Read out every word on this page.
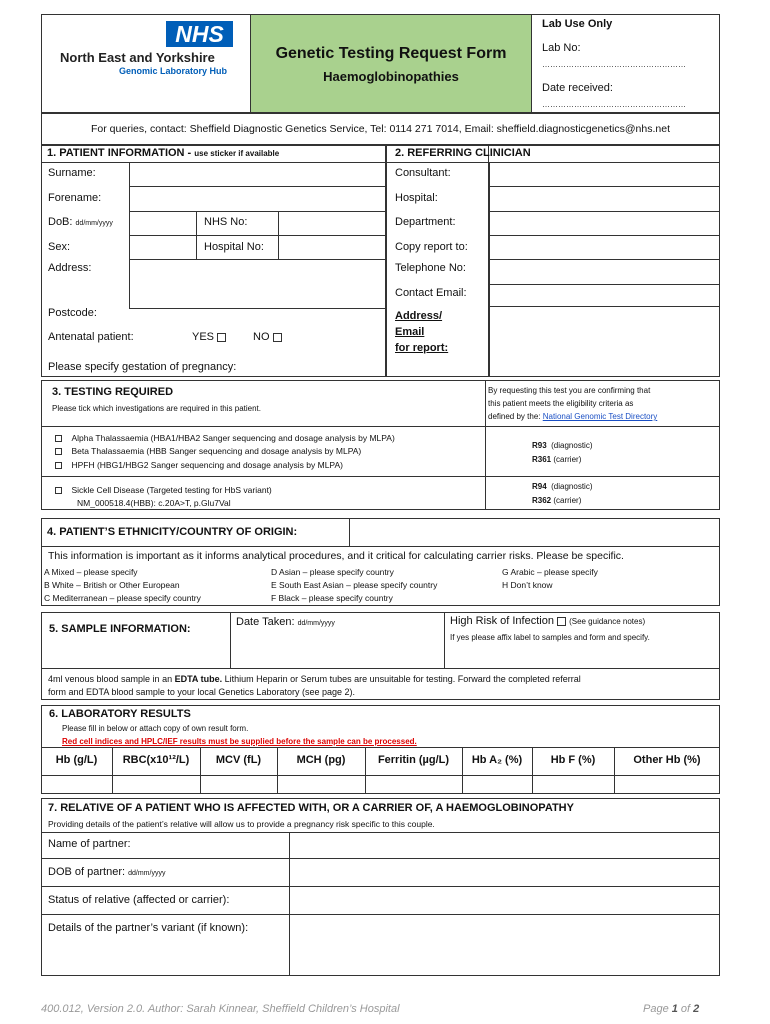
NHS
North East and Yorkshire
Genomic Laboratory Hub
Genetic Testing Request Form
Haemoglobinopathies
Lab Use Only
Lab No:
………………………………………………
Date received:
………………………………………………
For queries, contact: Sheffield Diagnostic Genetics Service, Tel: 0114 271 7014, Email: sheffield.diagnosticgenetics@nhs.net
1. PATIENT INFORMATION - use sticker if available
Surname:
Forename:
DoB: dd/mm/yyyy	NHS No:
Sex:	Hospital No:
Address:
Postcode:
Antenatal patient:	YES	NO
Please specify gestation of pregnancy:
2. REFERRING CLINICIAN
Consultant:
Hospital:
Department:
Copy report to:
Telephone No:
Contact Email:
Address/
Email
for report:
3. TESTING REQUIRED
Please tick which investigations are required in this patient.
By requesting this test you are confirming that
this patient meets the eligibility criteria as
defined by the: National Genomic Test Directory
Alpha Thalassaemia (HBA1/HBA2 Sanger sequencing and dosage analysis by MLPA)
Beta Thalassaemia (HBB Sanger sequencing and dosage analysis by MLPA)
HPFH (HBG1/HBG2 Sanger sequencing and dosage analysis by MLPA)
R93 (diagnostic)
R361 (carrier)
Sickle Cell Disease (Targeted testing for HbS variant)
NM_000518.4(HBB): c.20A>T, p.Glu7Val
R94 (diagnostic)
R362 (carrier)
4. PATIENT’S ETHNICITY/COUNTRY OF ORIGIN:
This information is important as it informs analytical procedures, and it critical for calculating carrier risks. Please be specific.
A Mixed – please specify
B White – British or Other European
C Mediterranean – please specify country
D Asian – please specify country
E South East Asian – please specify country
F Black – please specify country
G Arabic – please specify
H Don’t know
5. SAMPLE INFORMATION:
Date Taken: dd/mm/yyyy	High Risk of Infection (See guidance notes)
If yes please affix label to samples and form and specify.
4ml venous blood sample in an EDTA tube. Lithium Heparin or Serum tubes are unsuitable for testing. Forward the completed referral
form and EDTA blood sample to your local Genetics Laboratory (see page 2).
6. LABORATORY RESULTS
Please fill in below or attach copy of own result form.
Red cell indices and HPLC/IEF results must be supplied before the sample can be processed.
Hb (g/L)	RBC(x10¹²/L)	MCV (fL)	MCH (pg)	Ferritin (µg/L)	Hb A₂ (%)	Hb F (%)	Other Hb (%)
7. RELATIVE OF A PATIENT WHO IS AFFECTED WITH, OR A CARRIER OF, A HAEMOGLOBINOPATHY
Providing details of the patient’s relative will allow us to provide a pregnancy risk specific to this couple.
Name of partner:
DOB of partner: dd/mm/yyyy
Status of relative (affected or carrier):
Details of the partner’s variant (if known):
400.012, Version 2.0. Author: Sarah Kinnear, Sheffield Children’s Hospital	Page 1 of 2
